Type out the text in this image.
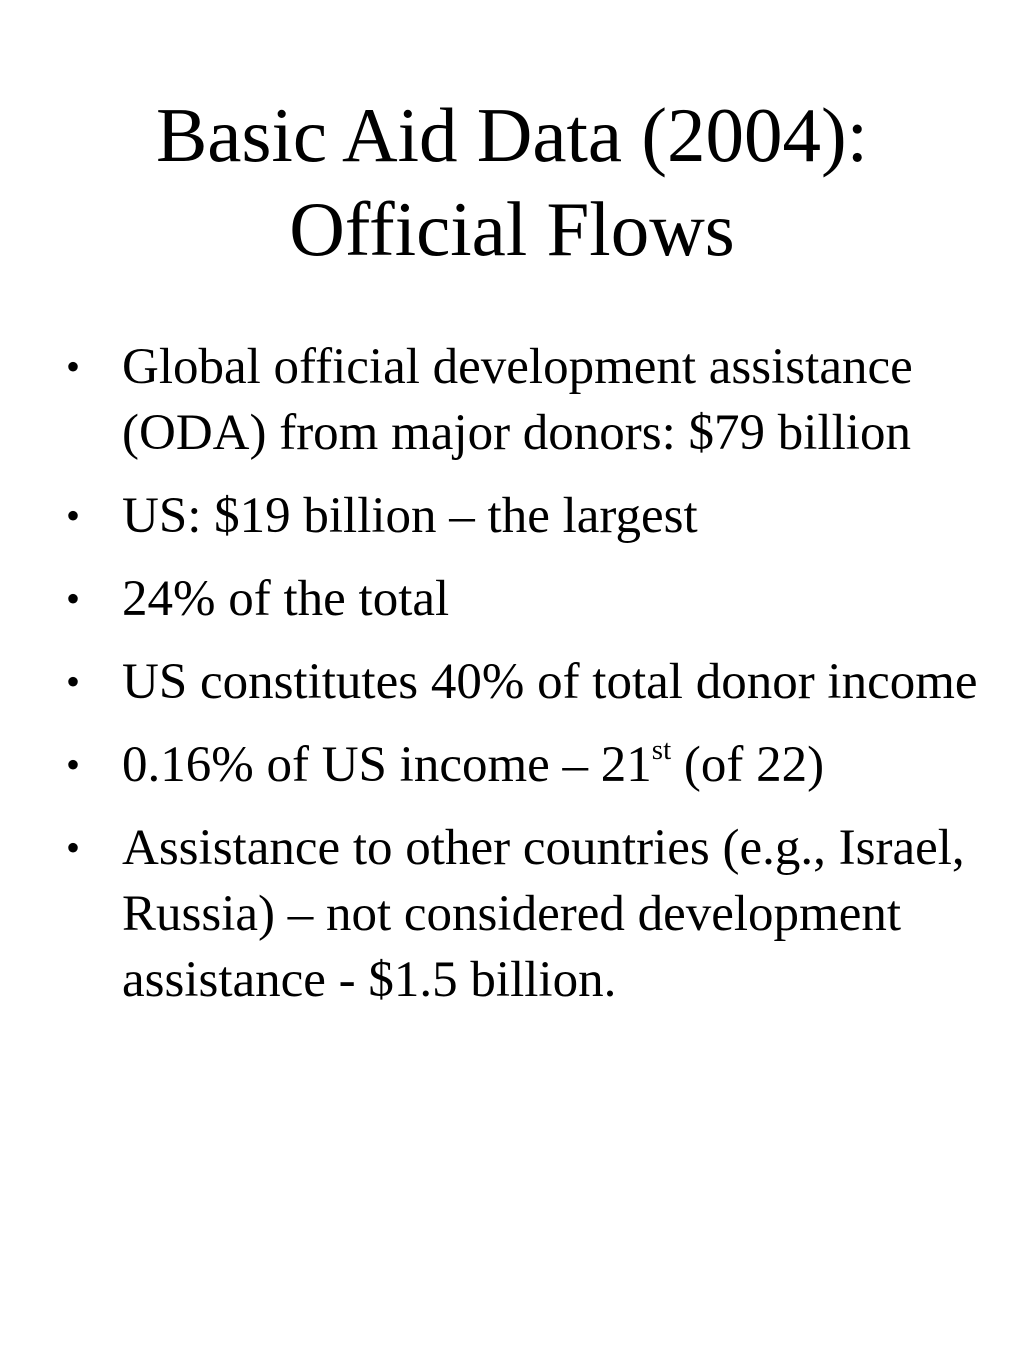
Basic Aid Data (2004):
Official Flows
• Global official development assistance (ODA) from major donors: $79 billion
• US: $19 billion – the largest
• 24% of the total
• US constitutes 40% of total donor income
• 0.16% of US income – 21st (of 22)
• Assistance to other countries (e.g., Israel, Russia) – not considered development assistance - $1.5 billion.
